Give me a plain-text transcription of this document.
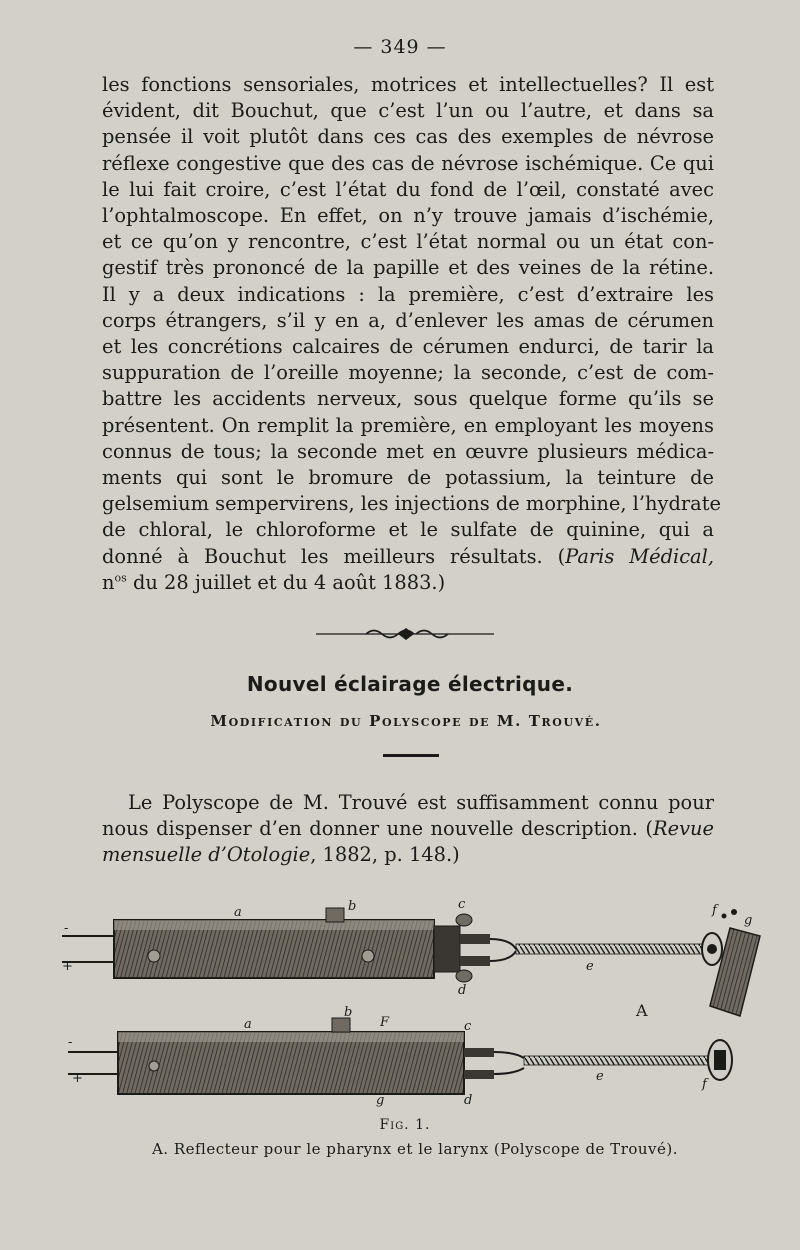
— 349 —
les fonctions sensoriales, motrices et intellectuelles? Il est
évident, dit Bouchut, que c’est l’un ou l’autre, et dans sa
pensée il voit plutôt dans ces cas des exemples de névrose
réflexe congestive que des cas de névrose ischémique. Ce qui
le lui fait croire, c’est l’état du fond de l’œil, constaté avec
l’ophtalmoscope. En effet, on n’y trouve jamais d’ischémie,
et ce qu’on y rencontre, c’est l’état normal ou un état con-
gestif très prononcé de la papille et des veines de la rétine.
Il y a deux indications : la première, c’est d’extraire les
corps étrangers, s’il y en a, d’enlever les amas de cérumen
et les concrétions calcaires de cérumen endurci, de tarir la
suppuration de l’oreille moyenne; la seconde, c’est de com-
battre les accidents nerveux, sous quelque forme qu’ils se
présentent. On remplit la première, en employant les moyens
connus de tous; la seconde met en œuvre plusieurs médica-
ments qui sont le bromure de potassium, la teinture de
gelsemium sempervirens, les injections de morphine, l’hydrate
de chloral, le chloroforme et le sulfate de quinine, qui a
donné à Bouchut les meilleurs résultats. (Paris Médical,
$n^{os}$ du 28 juillet et du 4 août 1883.)
Nouvel éclairage électrique.
Modification du Polyscope de M. Trouvé.
Le Polyscope de M. Trouvé est suffisamment connu pour
nous dispenser d’en donner une nouvelle description. (Revue
mensuelle d’Otologie, 1882, p. 148.)
-
+
a	b	c
d
e
f
g
A
-
+
a
b
F	c
d
e
f
g
Fig. 1.
A. Reflecteur pour le pharynx et le larynx (Polyscope de Trouvé).
